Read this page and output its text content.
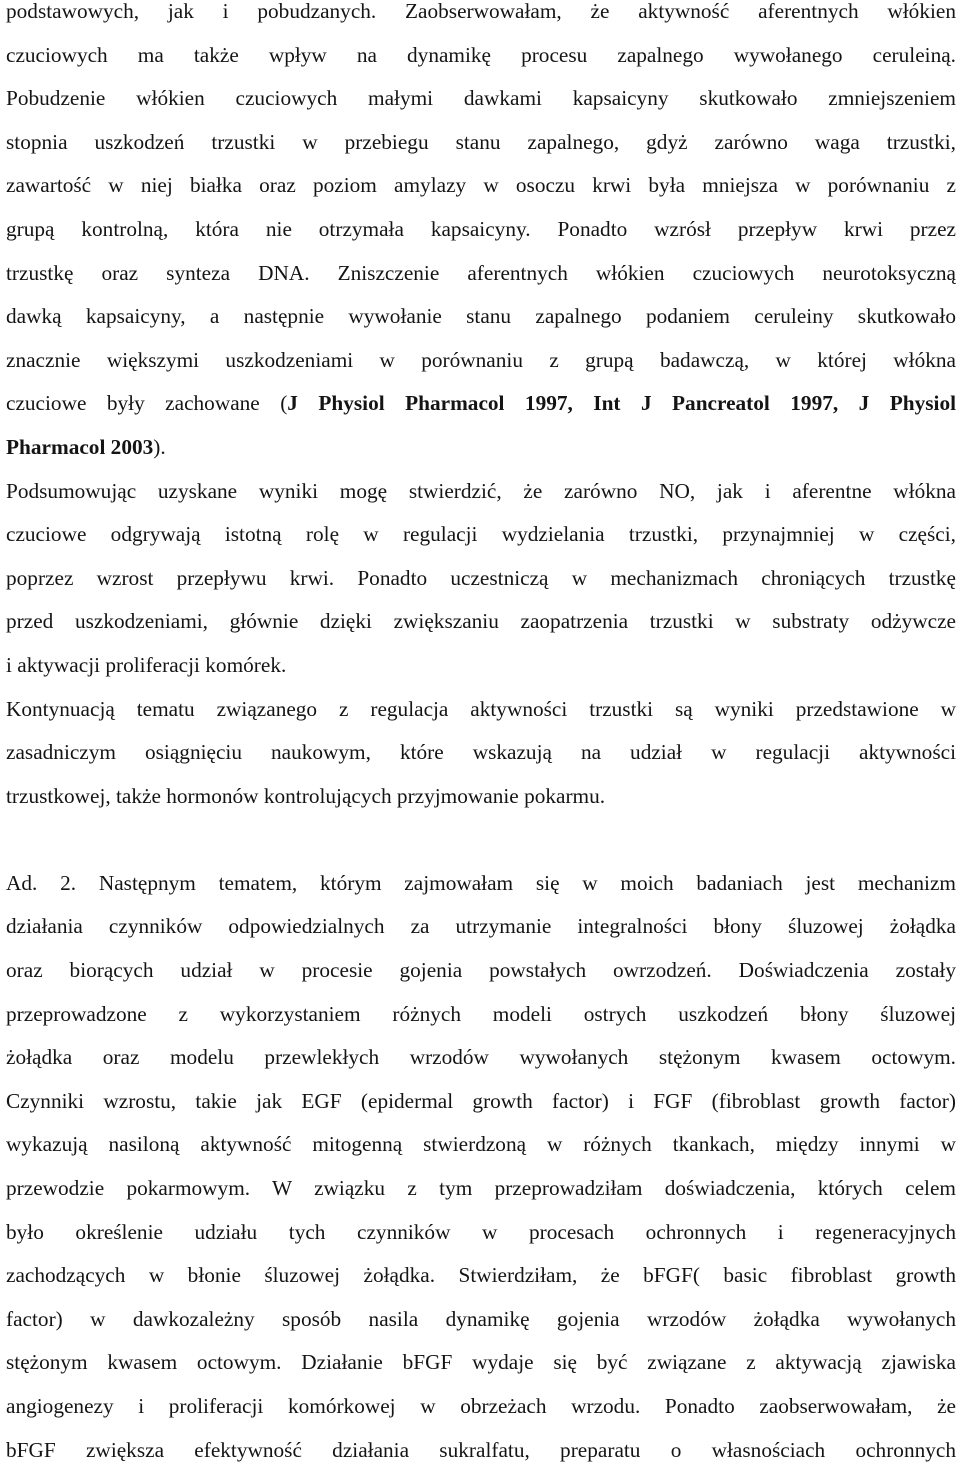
podstawowych, jak i pobudzanych. Zaobserwowałam, że aktywność aferentnych włókien
czuciowych ma także wpływ na dynamikę procesu zapalnego wywołanego ceruleiną.
Pobudzenie włókien czuciowych małymi dawkami kapsaicyny skutkowało zmniejszeniem
stopnia uszkodzeń trzustki w przebiegu stanu zapalnego, gdyż zarówno waga trzustki,
zawartość w niej białka oraz poziom amylazy w osoczu krwi była mniejsza w porównaniu z
grupą kontrolną, która nie otrzymała kapsaicyny. Ponadto wzrósł przepływ krwi przez
trzustkę oraz synteza DNA. Zniszczenie aferentnych włókien czuciowych neurotoksyczną
dawką kapsaicyny, a następnie wywołanie stanu zapalnego podaniem ceruleiny skutkowało
znacznie większymi uszkodzeniami w porównaniu z grupą badawczą, w której włókna
czuciowe były zachowane (J Physiol Pharmacol 1997, Int J Pancreatol 1997, J Physiol
Pharmacol 2003).
Podsumowując uzyskane wyniki mogę stwierdzić, że zarówno NO, jak i aferentne włókna
czuciowe odgrywają istotną rolę w regulacji wydzielania trzustki, przynajmniej w części,
poprzez wzrost przepływu krwi. Ponadto uczestniczą w mechanizmach chroniących trzustkę
przed uszkodzeniami, głównie dzięki zwiększaniu zaopatrzenia trzustki w substraty odżywcze
i aktywacji proliferacji komórek.
Kontynuacją tematu związanego z regulacja aktywności trzustki są wyniki przedstawione w
zasadniczym osiągnięciu naukowym, które wskazują na udział w regulacji aktywności
trzustkowej, także hormonów kontrolujących przyjmowanie pokarmu.
Ad. 2. Następnym tematem, którym zajmowałam się w moich badaniach jest mechanizm
działania czynników odpowiedzialnych za utrzymanie integralności błony śluzowej żołądka
oraz biorących udział w procesie gojenia powstałych owrzodzeń. Doświadczenia zostały
przeprowadzone z wykorzystaniem różnych modeli ostrych uszkodzeń błony śluzowej
żołądka oraz modelu przewlekłych wrzodów wywołanych stężonym kwasem octowym.
Czynniki wzrostu, takie jak EGF (epidermal growth factor) i FGF (fibroblast growth factor)
wykazują nasiloną aktywność mitogenną stwierdzoną w różnych tkankach, między innymi w
przewodzie pokarmowym. W związku z tym przeprowadziłam doświadczenia, których celem
było określenie udziału tych czynników w procesach ochronnych i regeneracyjnych
zachodzących w błonie śluzowej żołądka. Stwierdziłam, że bFGF( basic fibroblast growth
factor) w dawkozależny sposób nasila dynamikę gojenia wrzodów żołądka wywołanych
stężonym kwasem octowym. Działanie bFGF wydaje się być związane z aktywacją zjawiska
angiogenezy i proliferacji komórkowej w obrzeżach wrzodu. Ponadto zaobserwowałam, że
bFGF zwiększa efektywność działania sukralfatu, preparatu o własnościach ochronnych
